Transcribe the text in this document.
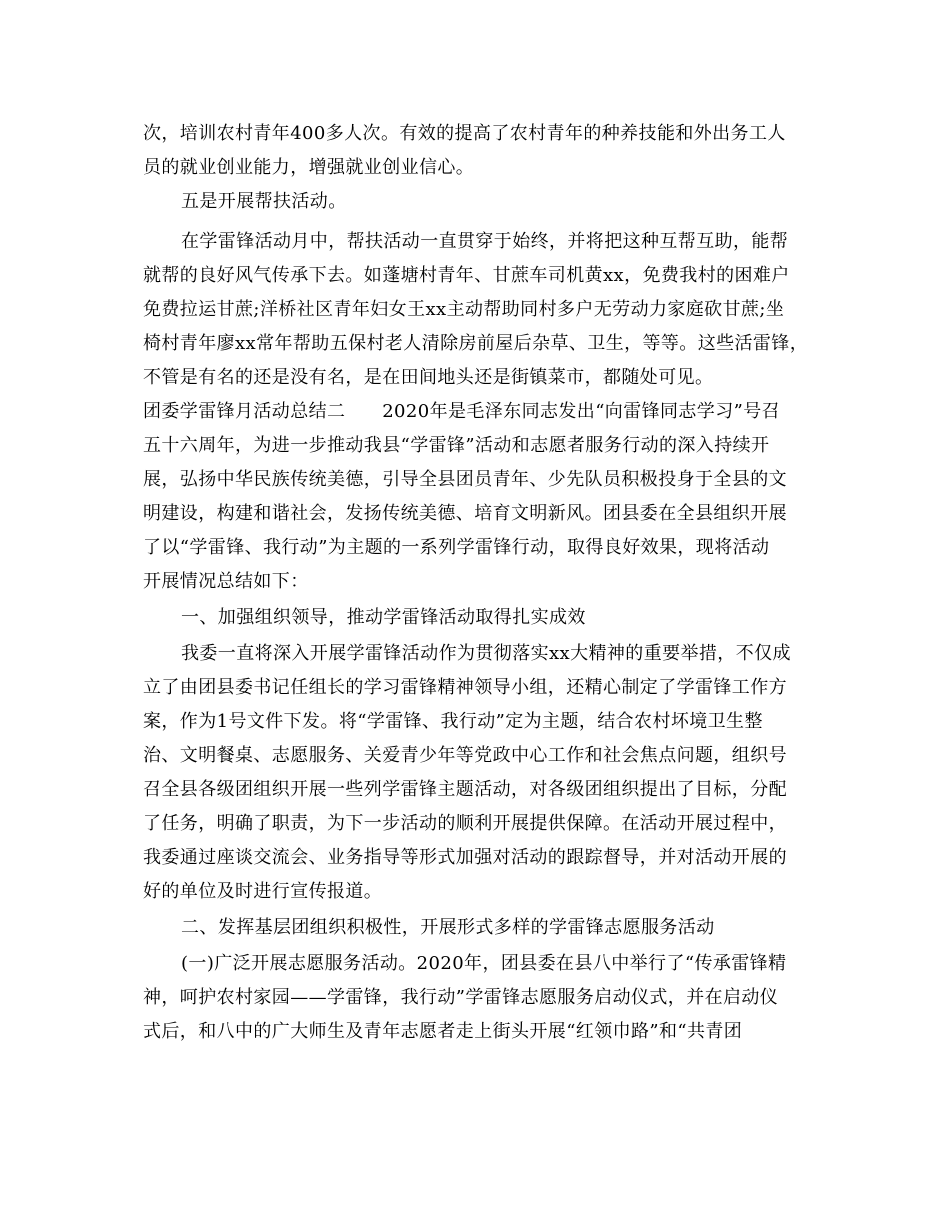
次，培训农村青年400多人次。有效的提高了农村青年的种养技能和外出务工人
员的就业创业能力，增强就业创业信心。
五是开展帮扶活动。
在学雷锋活动月中，帮扶活动一直贯穿于始终，并将把这种互帮互助，能帮
就帮的良好风气传承下去。如蓬塘村青年、甘蔗车司机黄xx，免费我村的困难户
免费拉运甘蔗;洋桥社区青年妇女王xx主动帮助同村多户无劳动力家庭砍甘蔗;坐
椅村青年廖xx常年帮助五保村老人清除房前屋后杂草、卫生，等等。这些活雷锋，
不管是有名的还是没有名，是在田间地头还是街镇菜市，都随处可见。
团委学雷锋月活动总结二　　2020年是毛泽东同志发出“向雷锋同志学习”号召
五十六周年，为进一步推动我县“学雷锋”活动和志愿者服务行动的深入持续开
展，弘扬中华民族传统美德，引导全县团员青年、少先队员积极投身于全县的文
明建设，构建和谐社会，发扬传统美德、培育文明新风。团县委在全县组织开展
了以“学雷锋、我行动”为主题的一系列学雷锋行动，取得良好效果，现将活动
开展情况总结如下：
一、加强组织领导，推动学雷锋活动取得扎实成效
我委一直将深入开展学雷锋活动作为贯彻落实xx大精神的重要举措，不仅成
立了由团县委书记任组长的学习雷锋精神领导小组，还精心制定了学雷锋工作方
案，作为1号文件下发。将“学雷锋、我行动”定为主题，结合农村坏境卫生整
治、文明餐桌、志愿服务、关爱青少年等党政中心工作和社会焦点问题，组织号
召全县各级团组织开展一些列学雷锋主题活动，对各级团组织提出了目标，分配
了任务，明确了职责，为下一步活动的顺利开展提供保障。在活动开展过程中，
我委通过座谈交流会、业务指导等形式加强对活动的跟踪督导，并对活动开展的
好的单位及时进行宣传报道。
二、发挥基层团组织积极性，开展形式多样的学雷锋志愿服务活动
(一)广泛开展志愿服务活动。2020年，团县委在县八中举行了“传承雷锋精
神，呵护农村家园——学雷锋，我行动”学雷锋志愿服务启动仪式，并在启动仪
式后，和八中的广大师生及青年志愿者走上街头开展“红领巾路”和“共青团
